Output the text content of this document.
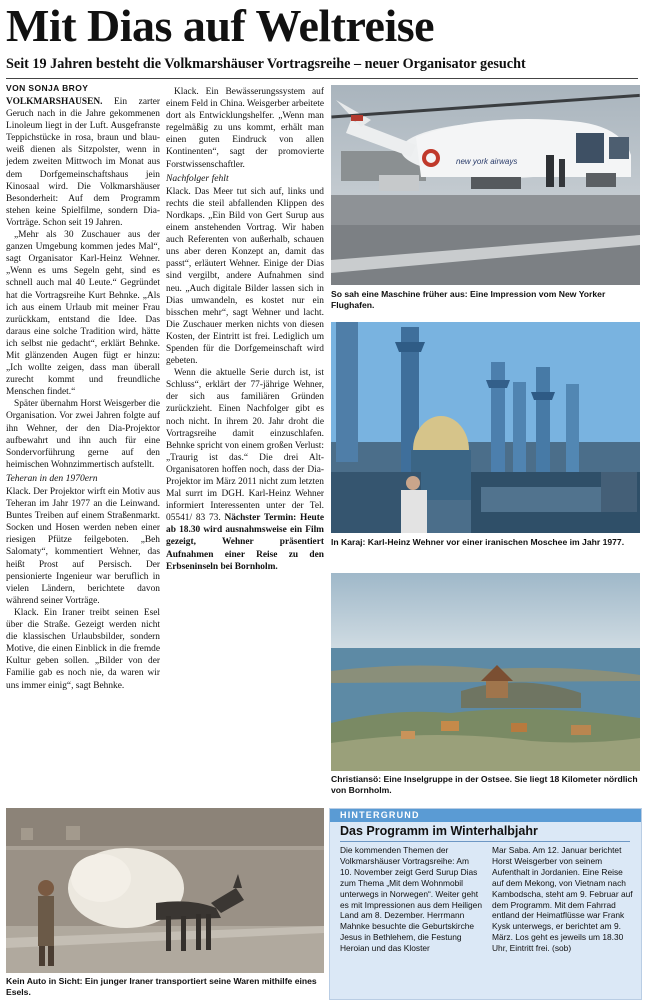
Mit Dias auf Weltreise
Seit 19 Jahren besteht die Volkmarshäuser Vortragsreihe – neuer Organisator gesucht
VON SONJA BROY

VOLKMARSHAUSEN. Ein zarter Geruch nach in die Jahre gekommenen Linoleum liegt in der Luft. Ausgefranste Teppichstücke in rosa, braun und blau-weiß dienen als Sitzpolster, wenn in jedem zweiten Mittwoch im Monat aus dem Dorfgemeinschaftshaus jein Kinosaal wird. Die Volkmarshäuser Besonderheit: Auf dem Programm stehen keine Spielfilme, sondern Dia-Vorträge. Schon seit 19 Jahren.

„Mehr als 30 Zuschauer aus der ganzen Umgebung kommen jedes Mal“, sagt Organisator Karl-Heinz Wehner. „Wenn es ums Segeln geht, sind es schnell auch mal 40 Leute.“ Gegründet hat die Vortragsreihe Kurt Behnke. „Als ich aus einem Urlaub mit meiner Frau zurückkam, entstand die Idee. Das daraus eine solche Tradition wird, hätte ich selbst nie gedacht“, erklärt Behnke. Mit glänzenden Augen fügt er hinzu: „Ich wollte zeigen, dass man überall zurecht kommt und freundliche Menschen findet.“

Später übernahm Horst Weisgerber die Organisation. Vor zwei Jahren folgte auf ihn Wehner, der den Dia-Projektor aufbewahrt und ihn auch für eine Sondervorführung gerne auf den heimischen Wohnzimmertisch aufstellt.

Teheran in den 1970ern

Klack. Der Projektor wirft ein Motiv aus Teheran im Jahr 1977 an die Leinwand. Buntes Treiben auf einem Straßenmarkt. Socken und Hosen werden neben einer riesigen Pfütze feilgeboten. „Beh Salomaty“, kommentiert Wehner, das heißt Prost auf Persisch. Der pensionierte Ingenieur war beruflich in vielen Ländern, berichtete davon während seiner Vorträge.

Klack. Ein Iraner treibt seinen Esel über die Straße. Gezeigt werden nicht die klassischen Urlaubsbilder, sondern Motive, die einen Einblick in die fremde Kultur geben sollen. „Bilder von der Familie gab es noch nie, da waren wir uns immer einig“, sagt Behnke.

Klack. Ein Bewässerungssystem auf einem Feld in China. Weisgerber arbeitete dort als Entwicklungshelfer. „Wenn man regelmäßig zu uns kommt, erhält man einen guten Eindruck von allen Kontinenten“, sagt der promovierte Forstwissenschaftler.

Nachfolger fehlt

Klack. Das Meer tut sich auf, links und rechts die steil abfallenden Klippen des Nordkaps. „Ein Bild von Gert Surup aus einem anstehenden Vortrag. Wir haben auch Referenten von außerhalb, schauen uns aber deren Konzept an, damit das passt“, erläutert Wehner. Einige der Dias sind vergilbt, andere Aufnahmen sind neu. „Auch digitale Bilder lassen sich in Dias umwandeln, es kostet nur ein bisschen mehr“, sagt Wehner und lacht. Die Zuschauer merken nichts von diesen Kosten, der Eintritt ist frei. Lediglich um Spenden für die Dorfgemeinschaft wird gebeten.

Wenn die aktuelle Serie durch ist, ist Schluss“, erklärt der 77-jährige Wehner, der sich aus familiären Gründen zurückzieht. Einen Nachfolger gibt es noch nicht. In ihrem 20. Jahr droht die Vortragsreihe damit einzuschlafen. Behnke spricht von einem großen Verlust: „Traurig ist das.“ Die drei Alt-Organisatoren hoffen noch, dass der Dia-Projektor im März 2011 nicht zum letzten Mal surrt im DGH. Karl-Heinz Wehner informiert Interessenten unter der Tel. 05541/ 83 73. Nächster Termin: Heute ab 18.30 wird ausnahmsweise ein Film gezeigt, Wehner präsentiert Aufnahmen einer Reise zu den Erbseninseln bei Bornholm.

new york airways
So sah eine Maschine früher aus: Eine Impression vom New Yorker Flughafen.
In Karaj: Karl-Heinz Wehner vor einer iranischen Moschee im Jahr 1977.
Christiansö: Eine Inselgruppe in der Ostsee. Sie liegt 18 Kilometer nördlich von Bornholm.
Kein Auto in Sicht: Ein junger Iraner transportiert seine Waren mithilfe eines Esels.
HINTERGRUND
Das Programm im Winterhalbjahr
Die kommenden Themen der Volkmarshäuser Vortragsreihe: Am 10. November zeigt Gerd Surup Dias zum Thema „Mit dem Wohnmobil unterwegs in Norwegen“. Weiter geht es mit Impressionen aus dem Heiligen Land am 8. Dezember. Herrmann Mahnke besuchte die Geburtskirche Jesus in Bethlehem, die Festung Heroian und das Kloster
Mar Saba. Am 12. Januar berichtet Horst Weisgerber von seinem Aufenthalt in Jordanien. Eine Reise auf dem Mekong, von Vietnam nach Kambodscha, steht am 9. Februar auf dem Programm. Mit dem Fahrrad entland der Heimatflüsse war Frank Kysk unterwegs, er berichtet am 9. März. Los geht es jeweils um 18.30 Uhr, Eintritt frei. (sob)
